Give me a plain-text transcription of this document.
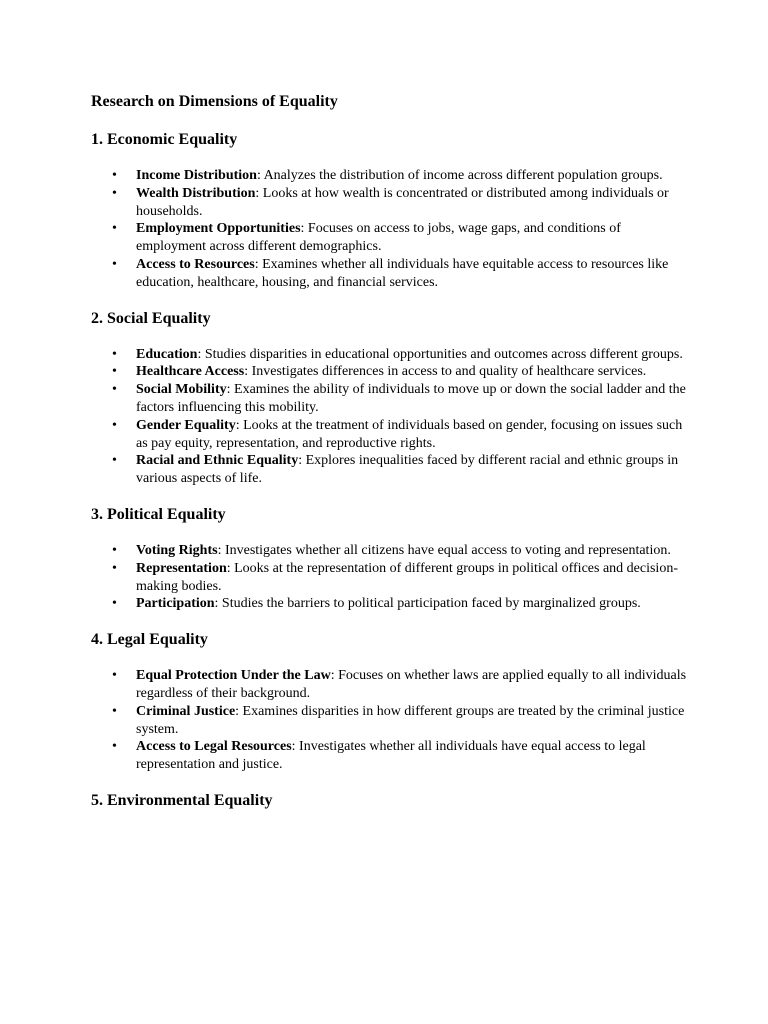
Research on Dimensions of Equality
1. Economic Equality
• Income Distribution: Analyzes the distribution of income across different population groups.
• Wealth Distribution: Looks at how wealth is concentrated or distributed among individuals or households.
• Employment Opportunities: Focuses on access to jobs, wage gaps, and conditions of employment across different demographics.
• Access to Resources: Examines whether all individuals have equitable access to resources like education, healthcare, housing, and financial services.
2. Social Equality
• Education: Studies disparities in educational opportunities and outcomes across different groups.
• Healthcare Access: Investigates differences in access to and quality of healthcare services.
• Social Mobility: Examines the ability of individuals to move up or down the social ladder and the factors influencing this mobility.
• Gender Equality: Looks at the treatment of individuals based on gender, focusing on issues such as pay equity, representation, and reproductive rights.
• Racial and Ethnic Equality: Explores inequalities faced by different racial and ethnic groups in various aspects of life.
3. Political Equality
• Voting Rights: Investigates whether all citizens have equal access to voting and representation.
• Representation: Looks at the representation of different groups in political offices and decision-making bodies.
• Participation: Studies the barriers to political participation faced by marginalized groups.
4. Legal Equality
• Equal Protection Under the Law: Focuses on whether laws are applied equally to all individuals regardless of their background.
• Criminal Justice: Examines disparities in how different groups are treated by the criminal justice system.
• Access to Legal Resources: Investigates whether all individuals have equal access to legal representation and justice.
5. Environmental Equality
